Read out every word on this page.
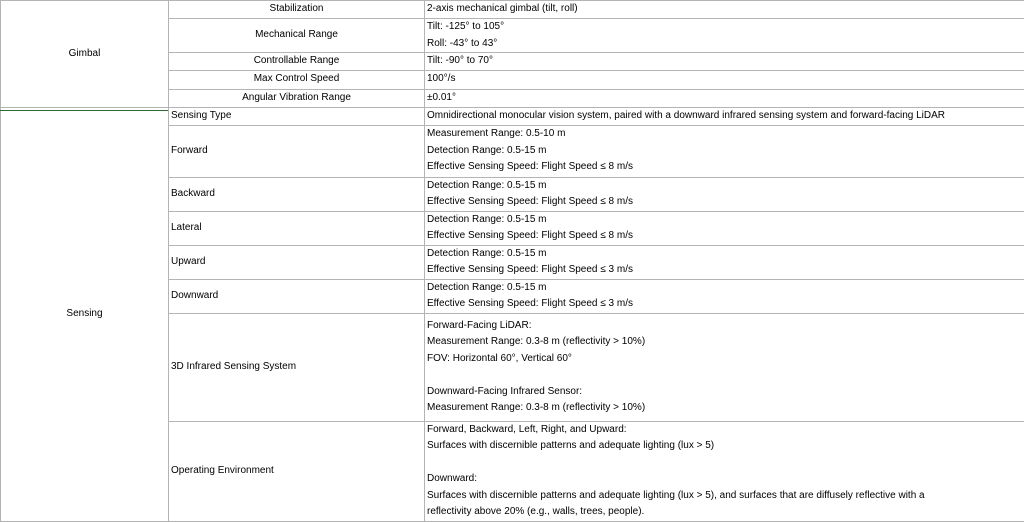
Gimbal	Stabilization	2-axis mechanical gimbal (tilt, roll)

	Mechanical Range	Tilt: -125° to 105°
Roll: -43° to 43°

	Controllable Range	Tilt: -90° to 70°

	Max Control Speed	100°/s

	Angular Vibration Range	±0.01°

Sensing	Sensing Type	Omnidirectional monocular vision system, paired with a downward infrared sensing system and forward-facing LiDAR

	Forward	Measurement Range: 0.5-10 m
Detection Range: 0.5-15 m
Effective Sensing Speed: Flight Speed ≤ 8 m/s

	Backward	Detection Range: 0.5-15 m
Effective Sensing Speed: Flight Speed ≤ 8 m/s

	Lateral	Detection Range: 0.5-15 m
Effective Sensing Speed: Flight Speed ≤ 8 m/s

	Upward	Detection Range: 0.5-15 m
Effective Sensing Speed: Flight Speed ≤ 3 m/s

	Downward	Detection Range: 0.5-15 m
Effective Sensing Speed: Flight Speed ≤ 3 m/s

	3D Infrared Sensing System	Forward-Facing LiDAR:
Measurement Range: 0.3-8 m (reflectivity > 10%)
FOV: Horizontal 60°, Vertical 60°
Downward-Facing Infrared Sensor:
Measurement Range: 0.3-8 m (reflectivity > 10%)

	Operating Environment	Forward, Backward, Left, Right, and Upward:
Surfaces with discernible patterns and adequate lighting (lux > 5)
Downward:
Surfaces with discernible patterns and adequate lighting (lux > 5), and surfaces that are diffusely reflective with a
reflectivity above 20% (e.g., walls, trees, people).
